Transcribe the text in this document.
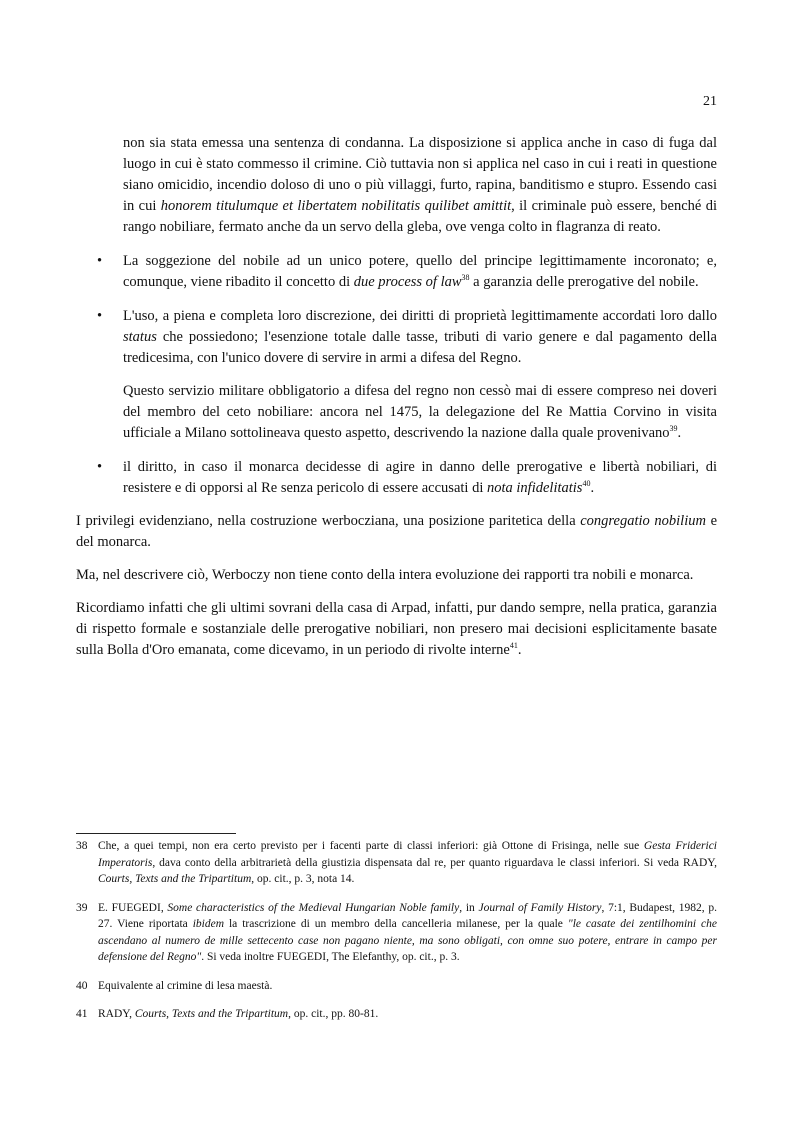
21

non sia stata emessa una sentenza di condanna. La disposizione si applica anche in caso di fuga dal luogo in cui è stato commesso il crimine. Ciò tuttavia non si applica nel caso in cui i reati in questione siano omicidio, incendio doloso di uno o più villaggi, furto, rapina, banditismo e stupro. Essendo casi in cui honorem titulumque et libertatem nobilitatis quilibet amittit, il criminale può essere, benché di rango nobiliare, fermato anche da un servo della gleba, ove venga colto in flagranza di reato.

• La soggezione del nobile ad un unico potere, quello del principe legittimamente incoronato; e, comunque, viene ribadito il concetto di due process of law$^{38}$ a garanzia delle prerogative del nobile.

• L'uso, a piena e completa loro discrezione, dei diritti di proprietà legittimamente accordati loro dallo status che possiedono; l'esenzione totale dalle tasse, tributi di vario genere e dal pagamento della tredicesima, con l'unico dovere di servire in armi a difesa del Regno.

Questo servizio militare obbligatorio a difesa del regno non cessò mai di essere compreso nei doveri del membro del ceto nobiliare: ancora nel 1475, la delegazione del Re Mattia Corvino in visita ufficiale a Milano sottolineava questo aspetto, descrivendo la nazione dalla quale provenivano$^{39}$.

• il diritto, in caso il monarca decidesse di agire in danno delle prerogative e libertà nobiliari, di resistere e di opporsi al Re senza pericolo di essere accusati di nota infidelitatis$^{40}$.

I privilegi evidenziano, nella costruzione werbocziana, una posizione paritetica della congregatio nobilium e del monarca.

Ma, nel descrivere ciò, Werboczy non tiene conto della intera evoluzione dei rapporti tra nobili e monarca.

Ricordiamo infatti che gli ultimi sovrani della casa di Arpad, infatti, pur dando sempre, nella pratica, garanzia di rispetto formale e sostanziale delle prerogative nobiliari, non presero mai decisioni esplicitamente basate sulla Bolla d'Oro emanata, come dicevamo, in un periodo di rivolte interne$^{41}$.

38 Che, a quei tempi, non era certo previsto per i facenti parte di classi inferiori: già Ottone di Frisinga, nelle sue Gesta Friderici Imperatoris, dava conto della arbitrarietà della giustizia dispensata dal re, per quanto riguardava le classi inferiori. Si veda RADY, Courts, Texts and the Tripartitum, op. cit., p. 3, nota 14.
39 E. FUEGEDI, Some characteristics of the Medieval Hungarian Noble family, in Journal of Family History, 7:1, Budapest, 1982, p. 27. Viene riportata ibidem la trascrizione di un membro della cancelleria milanese, per la quale "le casate dei zentilhomini che ascendano al numero de mille settecento case non pagano niente, ma sono obligati, con omne suo potere, entrare in campo per defensione del Regno". Si veda inoltre FUEGEDI, The Elefanthy, op. cit., p. 3.
40 Equivalente al crimine di lesa maestà.
41 RADY, Courts, Texts and the Tripartitum, op. cit., pp. 80-81.
